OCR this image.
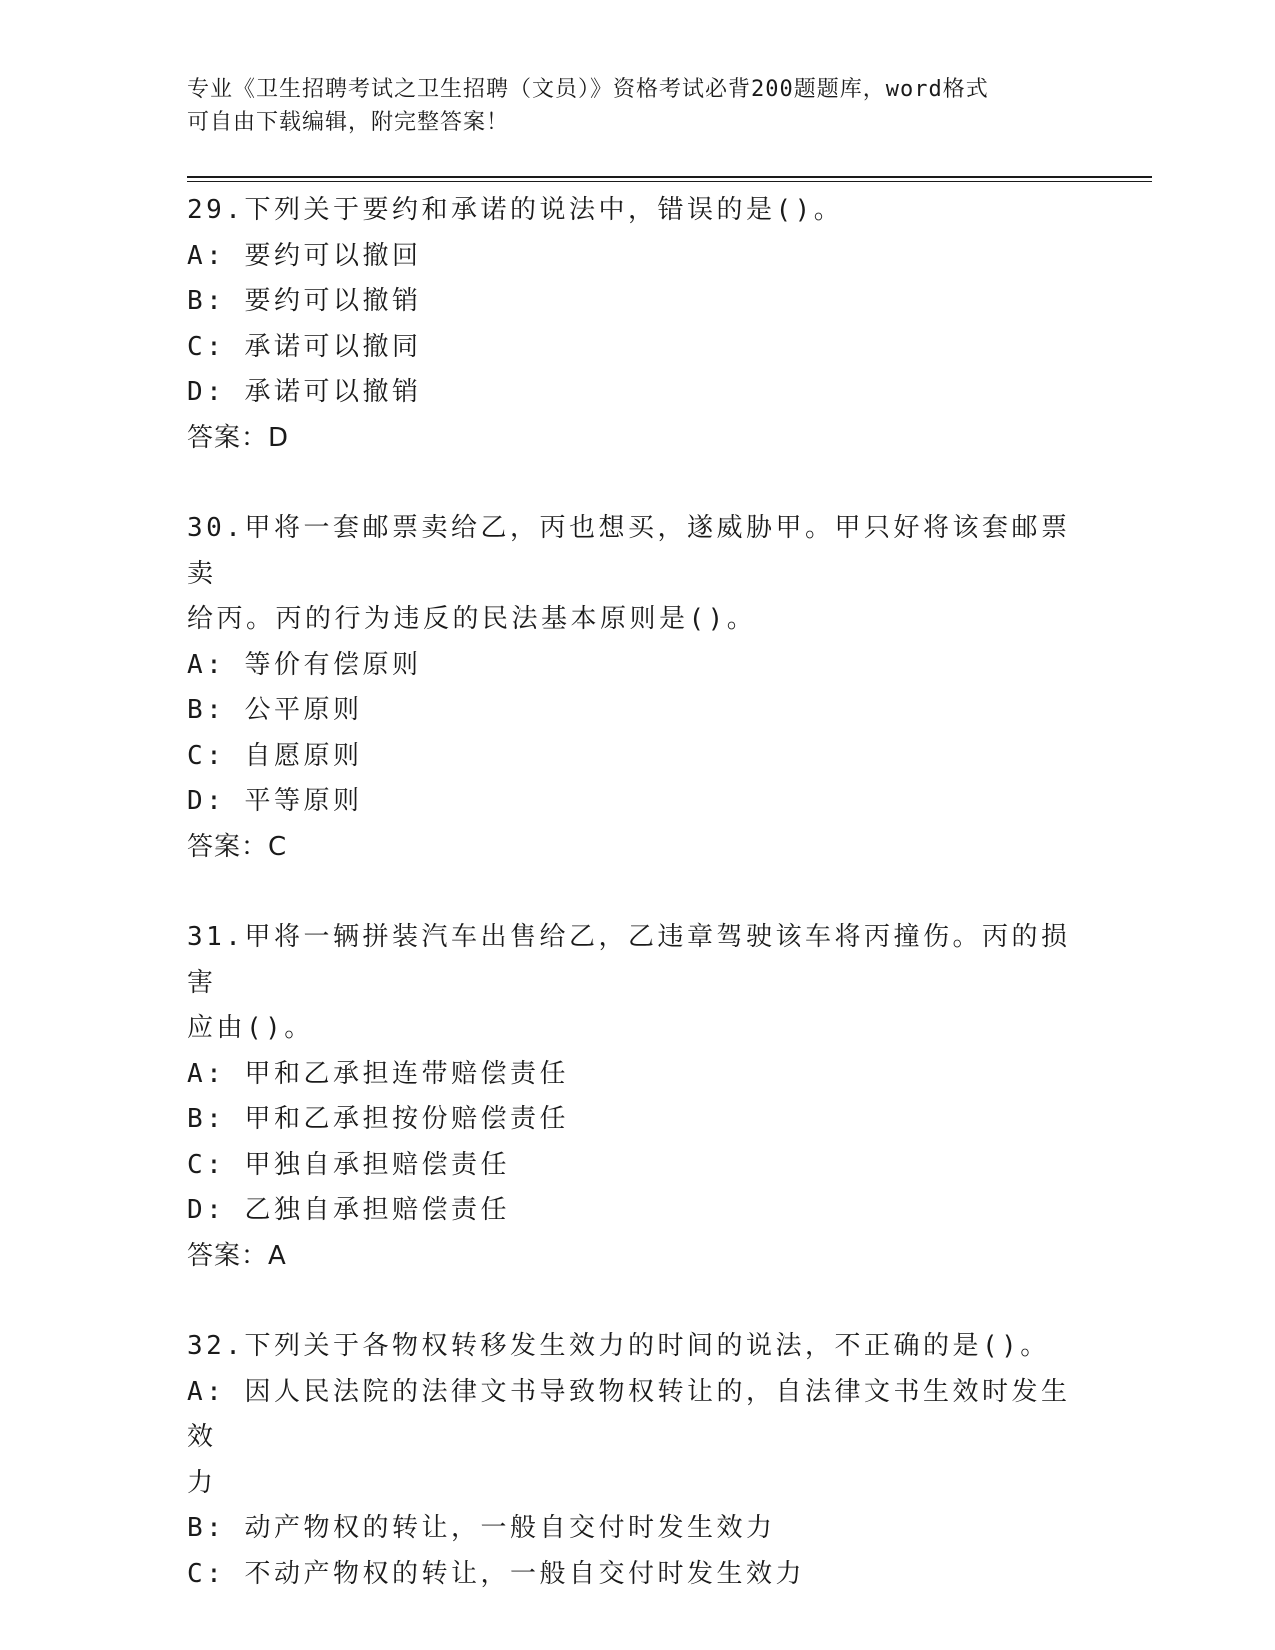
专业《卫生招聘考试之卫生招聘（文员）》资格考试必背200题题库，word格式
可自由下载编辑，附完整答案！
29.下列关于要约和承诺的说法中，错误的是()。
A: 要约可以撤回
B: 要约可以撤销
C: 承诺可以撤同
D: 承诺可以撤销
答案：D
30.甲将一套邮票卖给乙，丙也想买，遂威胁甲。甲只好将该套邮票卖
给丙。丙的行为违反的民法基本原则是()。
A: 等价有偿原则
B: 公平原则
C: 自愿原则
D: 平等原则
答案：C
31.甲将一辆拼装汽车出售给乙，乙违章驾驶该车将丙撞伤。丙的损害
应由()。
A: 甲和乙承担连带赔偿责任
B: 甲和乙承担按份赔偿责任
C: 甲独自承担赔偿责任
D: 乙独自承担赔偿责任
答案：A
32.下列关于各物权转移发生效力的时间的说法，不正确的是()。
A: 因人民法院的法律文书导致物权转让的，自法律文书生效时发生效
力
B: 动产物权的转让，一般自交付时发生效力
C: 不动产物权的转让，一般自交付时发生效力
